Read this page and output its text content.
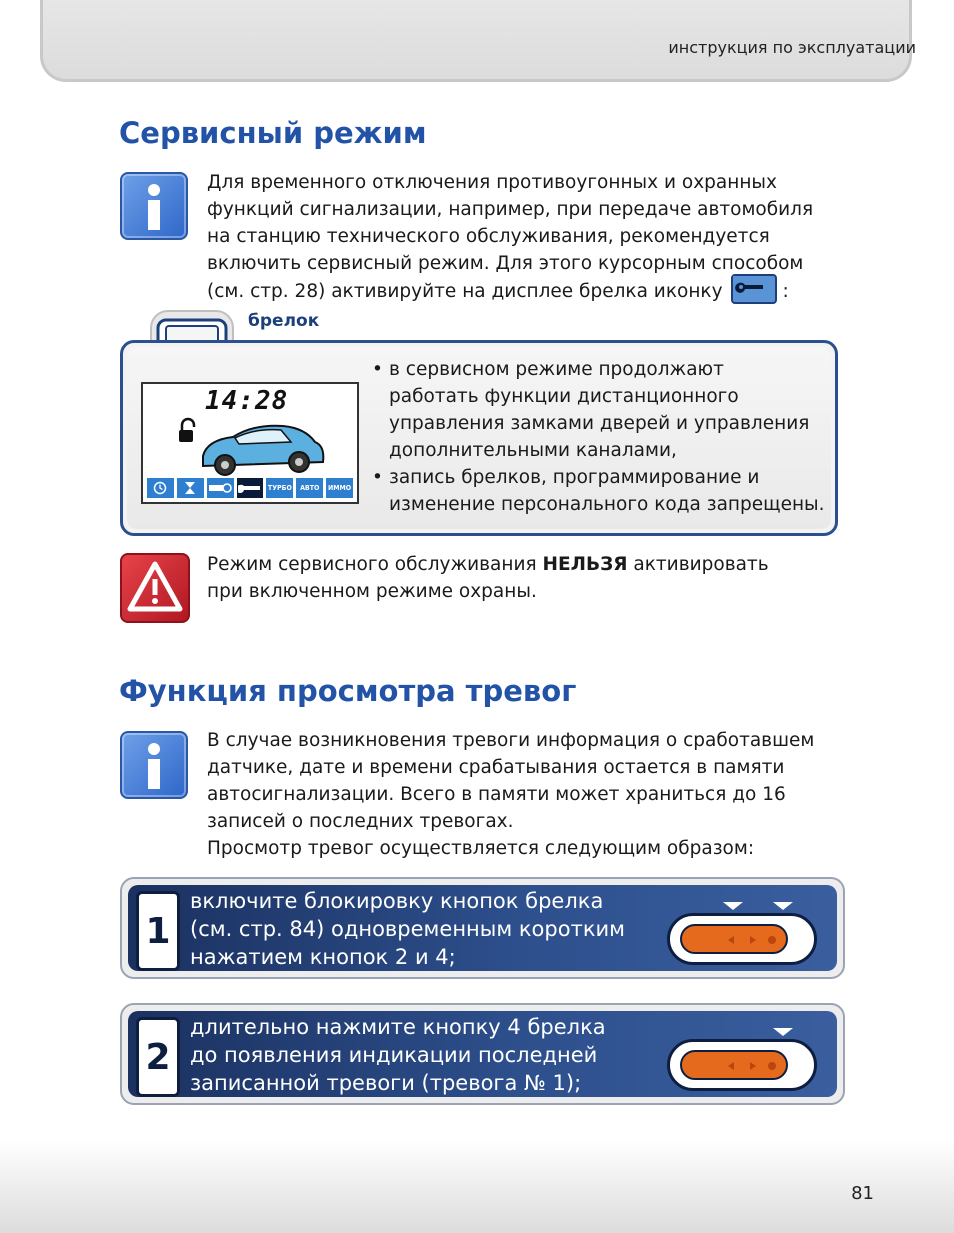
инструкция по эксплуатации
Сервисный режим

Для временного отключения противоугонных и охранных

функций сигнализации, например, при передаче автомобиля

на станцию технического обслуживания, рекомендуется

включить сервисный режим. Для этого курсорным способом

(см. стр. 28) активируйте на дисплее брелка иконку	:

брелок
14:28
ТУРБО	АВТО	ИММО
• в сервисном режиме продолжают
работать функции дистанционного
управления замками дверей и управления
дополнительными каналами,
• запись брелков, программирование и
изменение персонального кода запрещены.

Режим сервисного обслуживания НЕЛЬЗЯ активировать

при включенном режиме охраны.

Функция просмотра тревог

В случае возникновения тревоги информация о сработавшем

датчике, дате и времени срабатывания остается в памяти

автосигнализации. Всего в памяти может храниться до 16

записей о последних тревогах.

Просмотр тревог осуществляется следующим образом:

1

включите блокировку кнопок брелка

(см. стр. 84) одновременным коротким

нажатием кнопок 2 и 4;

2

длительно нажмите кнопку 4 брелка

до появления индикации последней

записанной тревоги (тревога № 1);

81
